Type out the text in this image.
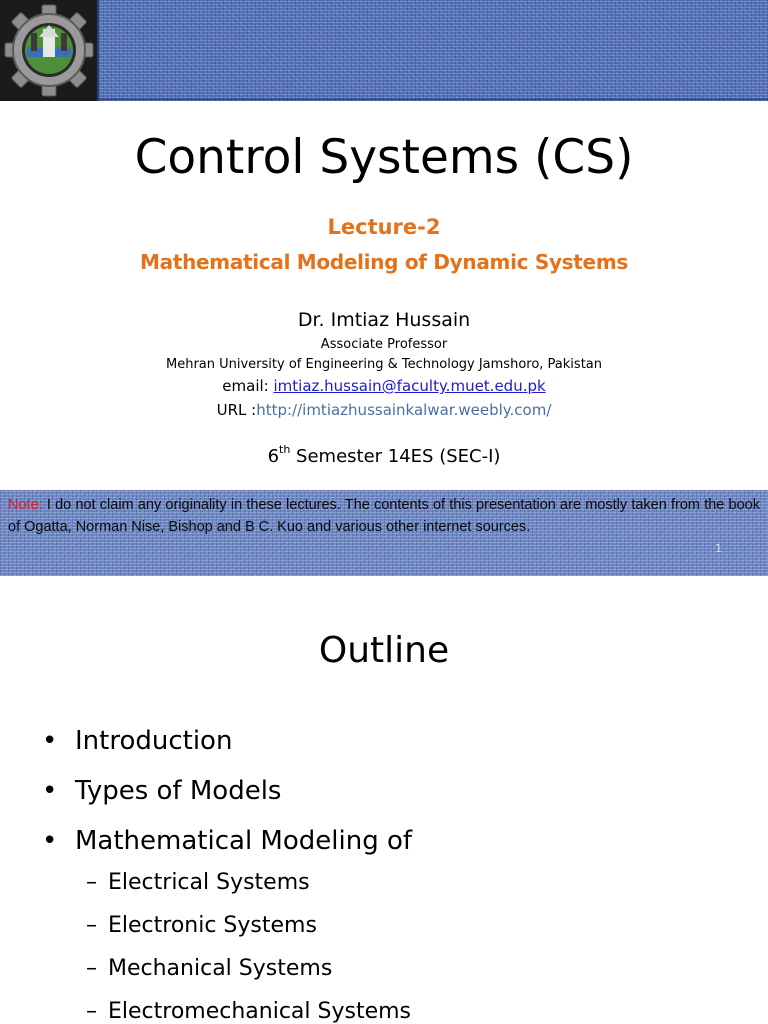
Control Systems (CS)
Lecture-2
Mathematical Modeling of Dynamic Systems
Dr. Imtiaz Hussain
Associate Professor
Mehran University of Engineering & Technology Jamshoro, Pakistan
email: imtiaz.hussain@faculty.muet.edu.pk
URL :http://imtiazhussainkalwar.weebly.com/
6th Semester 14ES (SEC-I)

Note: I do not claim any originality in these lectures. The contents of this presentation are mostly taken from the book of Ogatta, Norman Nise, Bishop and B C. Kuo and various other internet sources.

1
Outline
• Introduction
• Types of Models
• Mathematical Modeling of
– Electrical Systems
– Electronic Systems
– Mechanical Systems
– Electromechanical Systems
